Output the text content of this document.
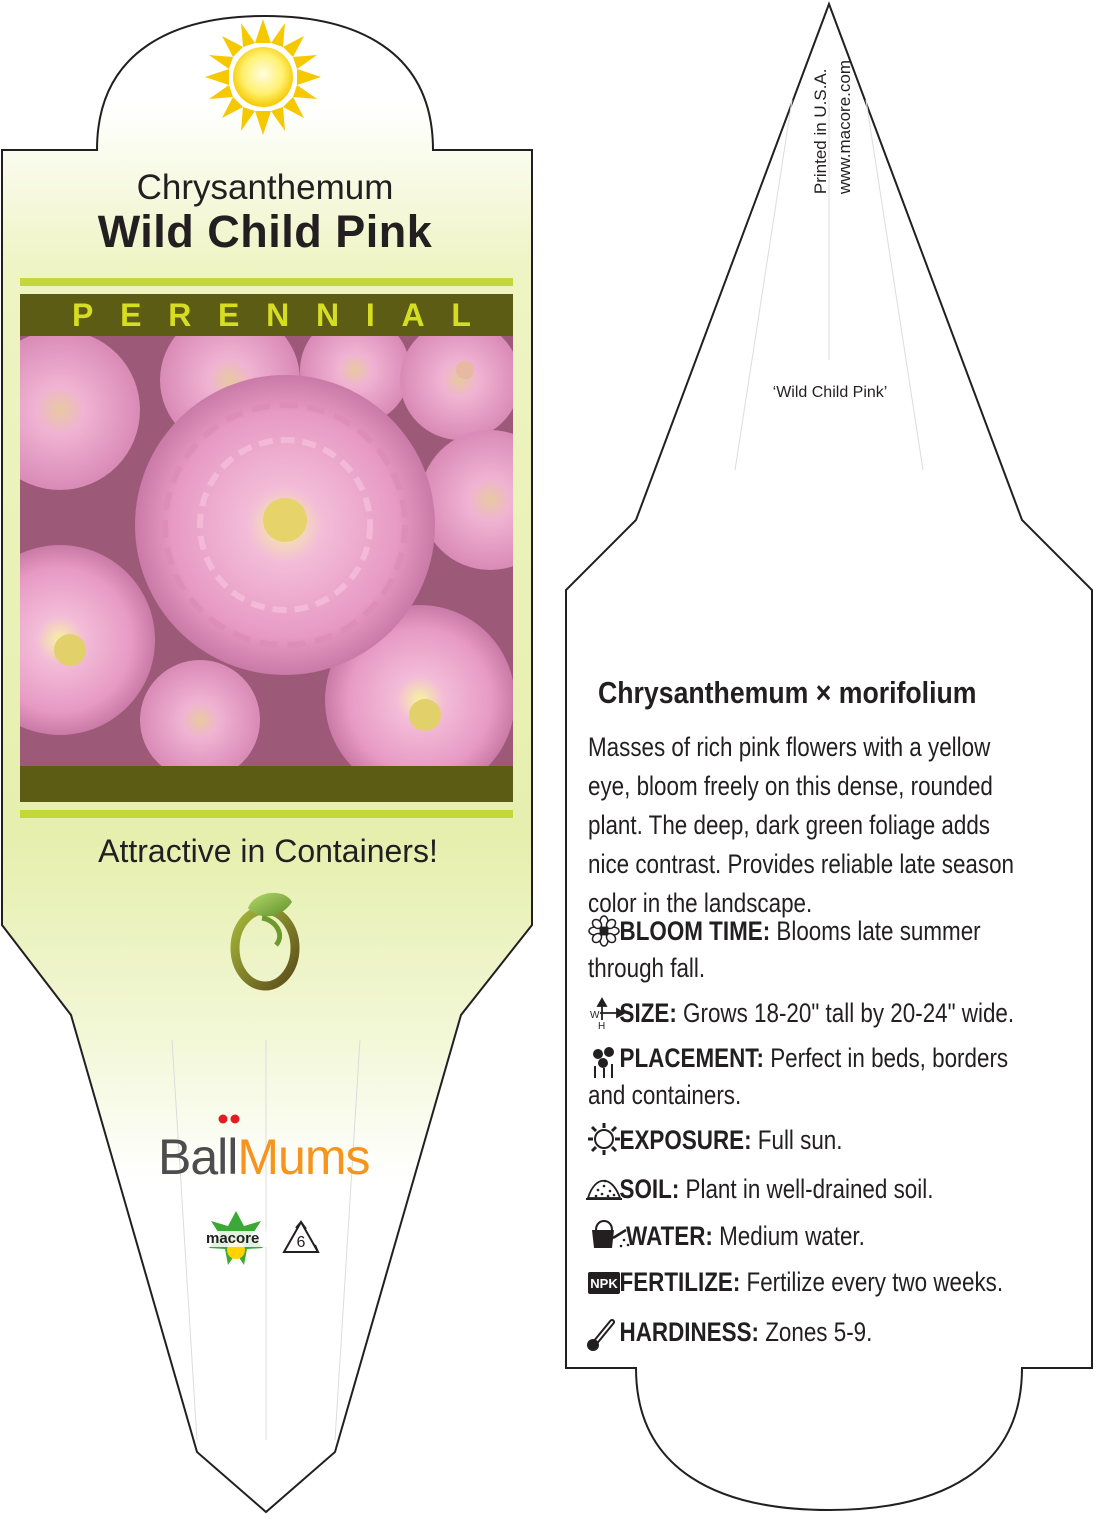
W
H
NPK
Chrysanthemum
Wild Child Pink
P E R E N N I A L
Attractive in Containers!
BallMums
macore 6
Printed in U.S.A. www.macore.com
‘Wild Child Pink’
Chrysanthemum × morifolium
Masses of rich pink flowers with a yellow eye, bloom freely on this dense, rounded plant. The deep, dark green foliage adds nice contrast. Provides reliable late season color in the landscape.
BLOOM TIME: Blooms late summer through fall.
SIZE: Grows 18-20" tall by 20-24" wide.
PLACEMENT: Perfect in beds, borders and containers.
EXPOSURE: Full sun.
SOIL: Plant in well-drained soil.
WATER: Medium water.
FERTILIZE: Fertilize every two weeks.
HARDINESS: Zones 5-9.
